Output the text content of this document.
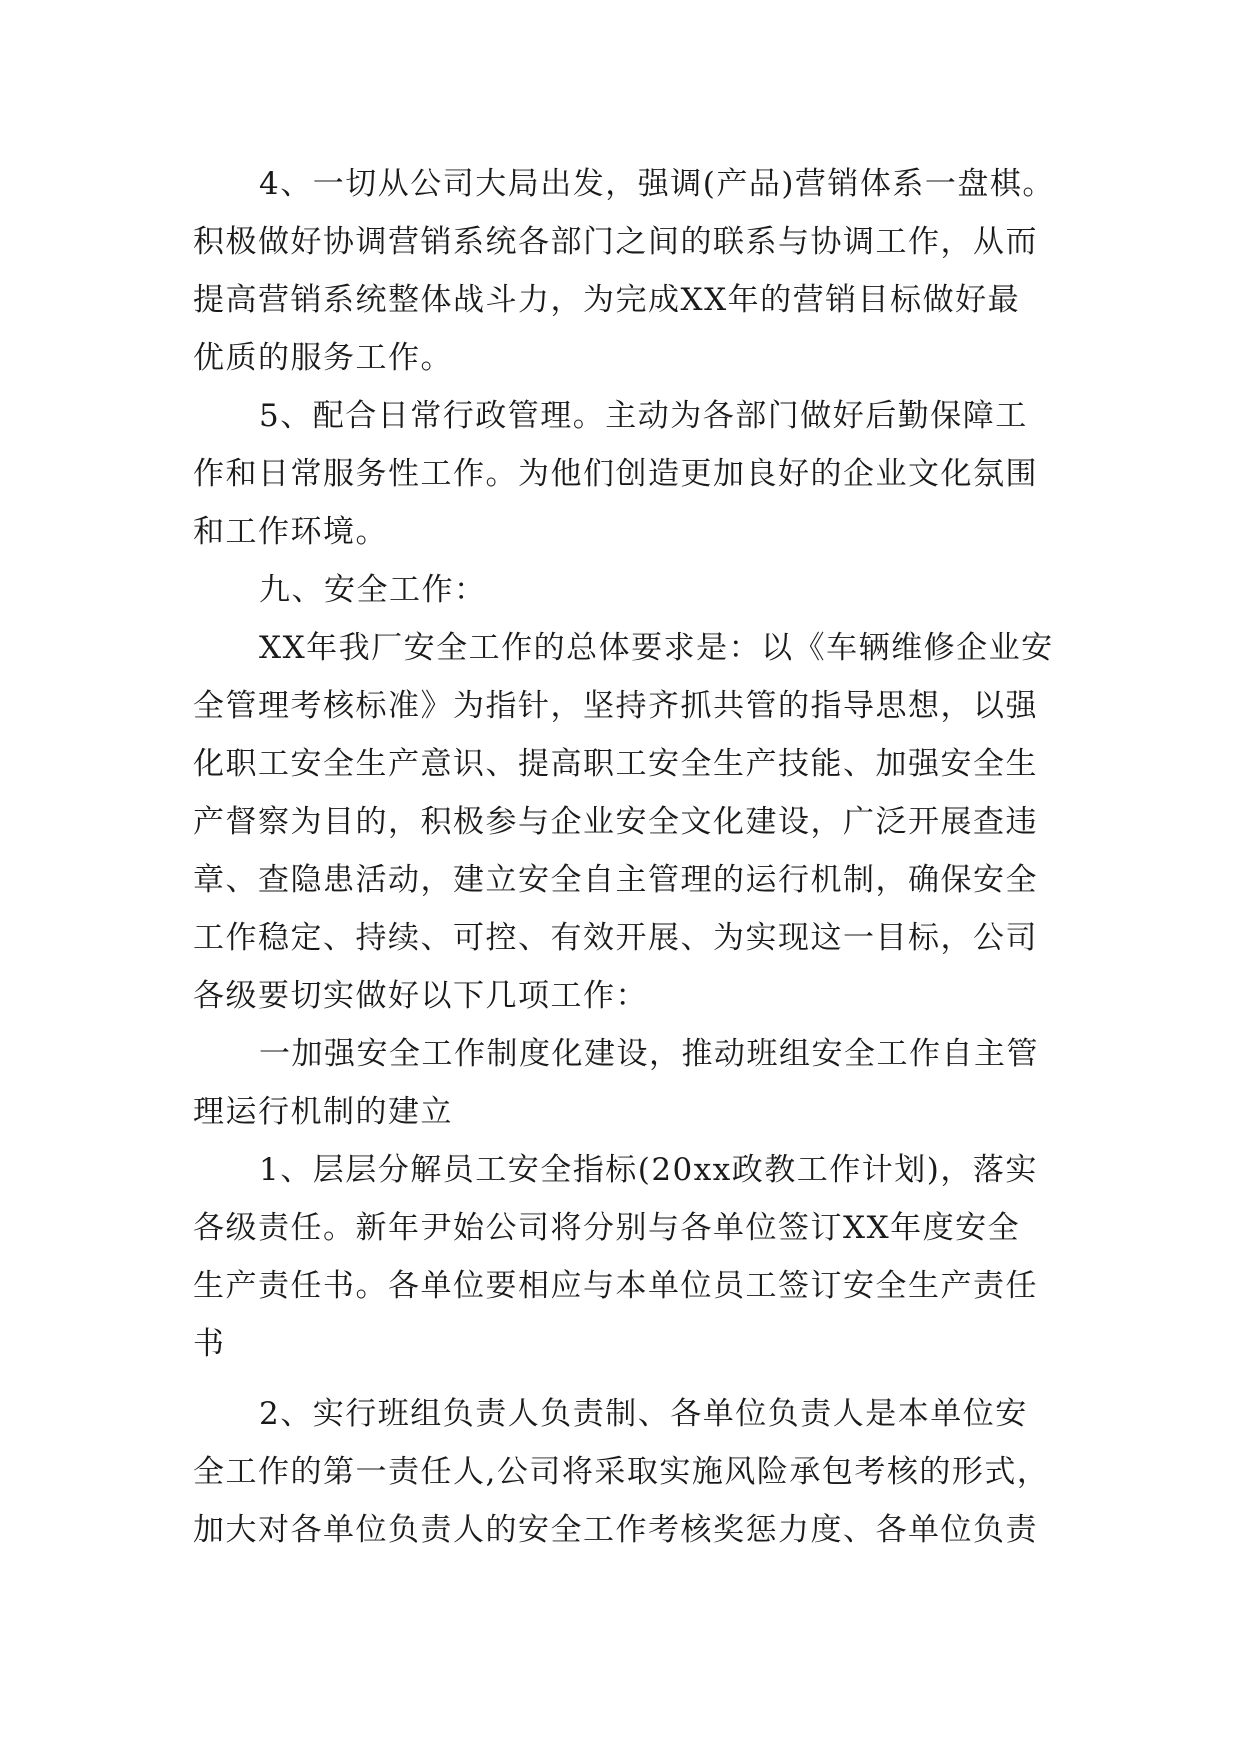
4、一切从公司大局出发，强调(产品)营销体系一盘棋。
积极做好协调营销系统各部门之间的联系与协调工作，从而
提高营销系统整体战斗力，为完成XX年的营销目标做好最
优质的服务工作。
5、配合日常行政管理。主动为各部门做好后勤保障工
作和日常服务性工作。为他们创造更加良好的企业文化氛围
和工作环境。
九、安全工作：
XX年我厂安全工作的总体要求是：以《车辆维修企业安
全管理考核标准》为指针，坚持齐抓共管的指导思想，以强
化职工安全生产意识、提高职工安全生产技能、加强安全生
产督察为目的，积极参与企业安全文化建设，广泛开展查违
章、查隐患活动，建立安全自主管理的运行机制，确保安全
工作稳定、持续、可控、有效开展、为实现这一目标，公司
各级要切实做好以下几项工作：
一加强安全工作制度化建设，推动班组安全工作自主管
理运行机制的建立
1、层层分解员工安全指标(20xx政教工作计划)，落实
各级责任。新年尹始公司将分别与各单位签订XX年度安全
生产责任书。各单位要相应与本单位员工签订安全生产责任
书
2、实行班组负责人负责制、各单位负责人是本单位安
全工作的第一责任人,公司将采取实施风险承包考核的形式，
加大对各单位负责人的安全工作考核奖惩力度、各单位负责
